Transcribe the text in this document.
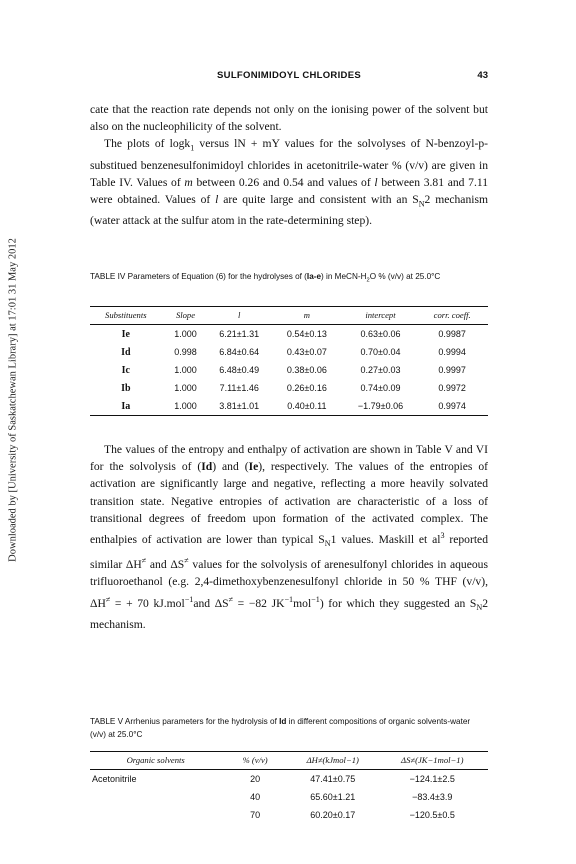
Downloaded by [University of Saskatchewan Library] at 17:01 31 May 2012
SULFONIMIDOYL CHLORIDES	43

cate that the reaction rate depends not only on the ionising power of the solvent but also on the nucleophilicity of the solvent.

The plots of logk$_1$ versus lN + mY values for the solvolyses of N-benzoyl-p-substitued benzenesulfonimidoyl chlorides in acetonitrile-water % (v/v) are given in Table IV. Values of m between 0.26 and 0.54 and values of l between 3.81 and 7.11 were obtained. Values of l are quite large and consistent with an $S_N2$ mechanism (water attack at the sulfur atom in the rate-determining step).

TABLE IV Parameters of Equation (6) for the hydrolyses of (Ia-e) in MeCN-$H_2O$ % (v/v) at 25.0°C

Substituents	Slope	l	m	intercept	corr. coeff.
Ie	1.000	6.21±1.31	0.54±0.13	0.63±0.06	0.9987
Id	0.998	6.84±0.64	0.43±0.07	0.70±0.04	0.9994
Ic	1.000	6.48±0.49	0.38±0.06	0.27±0.03	0.9997
Ib	1.000	7.11±1.46	0.26±0.16	0.74±0.09	0.9972
Ia	1.000	3.81±1.01	0.40±0.11	−1.79±0.06	0.9974

The values of the entropy and enthalpy of activation are shown in Table V and VI for the solvolysis of (Id) and (Ie), respectively. The values of the entropies of activation are significantly large and negative, reflecting a more heavily solvated transition state. Negative entropies of activation are characteristic of a loss of transitional degrees of freedom upon formation of the activated complex. The enthalpies of activation are lower than typical $S_N1$ values. Maskill et $al^3$ reported similar ΔH≠ and ΔS≠ values for the solvolysis of arenesulfonyl chlorides in aqueous trifluoroethanol (e.g. 2,4-dimethoxybenzenesulfonyl chloride in 50 % THF (v/v), ΔH≠ = + 70 kJ.mol$^{-1}$and ΔS≠ = −82 $JK^{-1}mol^{-1}$) for which they suggested an $S_N2$ mechanism.

TABLE V Arrhenius parameters for the hydrolysis of Id in different compositions of organic solvents-water (v/v) at 25.0°C

Organic solvents	% (v/v)	ΔH≠(kJmol−1)	ΔS≠(JK−1mol−1)
Acetonitrile	20	47.41±0.75	−124.1±2.5
	40	65.60±1.21	−83.4±3.9
	70	60.20±0.17	−120.5±0.5
